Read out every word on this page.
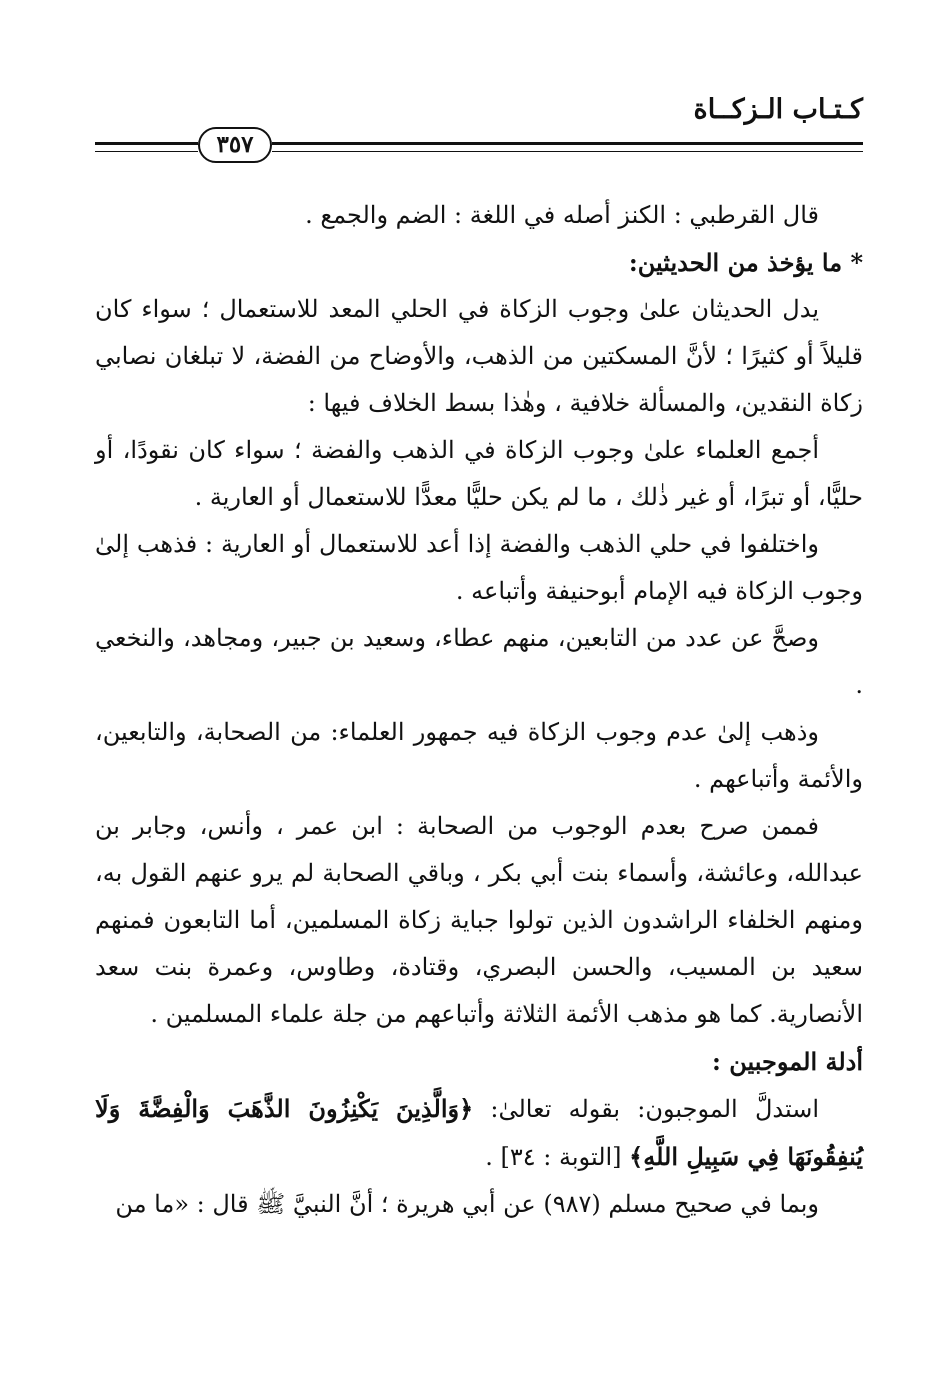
كـتـاب الـزكــاة
٣٥٧

قال القرطبي : الكنز أصله في اللغة : الضم والجمع .

* ما يؤخذ من الحديثين:

يدل الحديثان علىٰ وجوب الزكاة في الحلي المعد للاستعمال ؛ سواء كان قليلاً أو كثيرًا ؛ لأنَّ المسكتين من الذهب، والأوضاح من الفضة، لا تبلغان نصابي زكاة النقدين، والمسألة خلافية ، وهٰذا بسط الخلاف فيها :

أجمع العلماء علىٰ وجوب الزكاة في الذهب والفضة ؛ سواء كان نقودًا، أو حليًّا، أو تبرًا، أو غير ذٰلك ، ما لم يكن حليًّا معدًّا للاستعمال أو العارية .

واختلفوا في حلي الذهب والفضة إذا أعد للاستعمال أو العارية : فذهب إلىٰ وجوب الزكاة فيه الإمام أبوحنيفة وأتباعه .

وصحَّ عن عدد من التابعين، منهم عطاء، وسعيد بن جبير، ومجاهد، والنخعي .

وذهب إلىٰ عدم وجوب الزكاة فيه جمهور العلماء: من الصحابة، والتابعين، والأئمة وأتباعهم .

فممن صرح بعدم الوجوب من الصحابة : ابن عمر ، وأنس، وجابر بن عبدالله، وعائشة، وأسماء بنت أبي بكر ، وباقي الصحابة لم يرو عنهم القول به، ومنهم الخلفاء الراشدون الذين تولوا جباية زكاة المسلمين، أما التابعون فمنهم سعيد بن المسيب، والحسن البصري، وقتادة، وطاوس، وعمرة بنت سعد الأنصارية. كما هو مذهب الأئمة الثلاثة وأتباعهم من جلة علماء المسلمين .

أدلة الموجبين :

استدلَّ الموجبون: بقوله تعالىٰ: ﴿وَالَّذِينَ يَكْنِزُونَ الذَّهَبَ وَالْفِضَّةَ وَلَا يُنفِقُونَهَا فِي سَبِيلِ اللَّهِ﴾ [التوبة : ٣٤] .

وبما في صحيح مسلم (٩٨٧) عن أبي هريرة ؛ أنَّ النبيَّ ﷺ قال : «ما من
